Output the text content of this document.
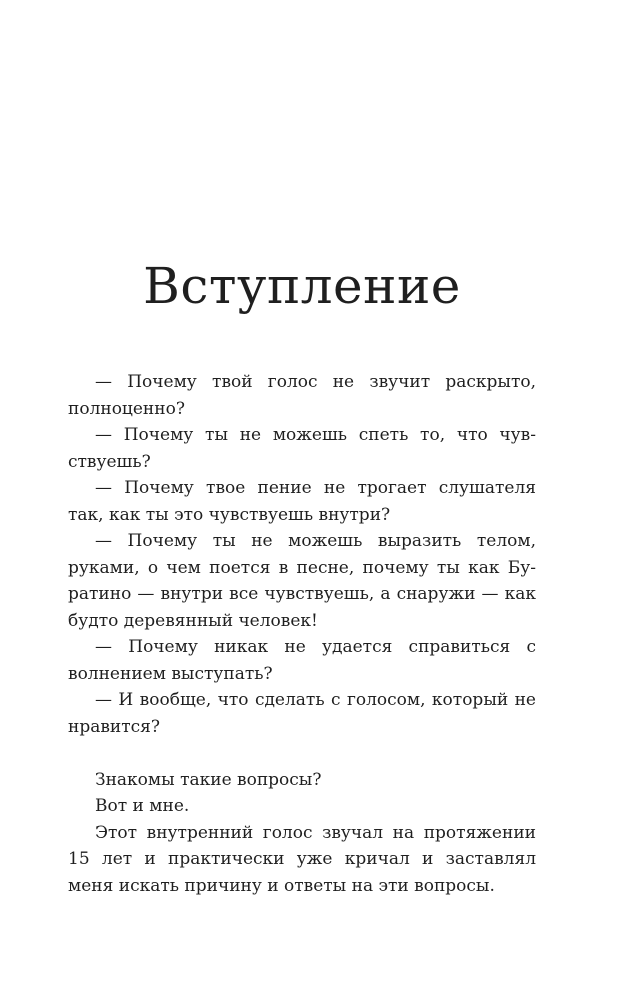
Вступление

— Почему твой голос не звучит раскрыто, полноценно?

— Почему ты не можешь спеть то, что чувствуешь?

— Почему твое пение не трогает слушателя так, как ты это чувствуешь внутри?

— Почему ты не можешь выразить телом, руками, о чем поется в песне, почему ты как Буратино — внутри все чувствуешь, а снаружи — как будто деревянный человек!

— Почему никак не удается справиться с волнением выступать?

— И вообще, что сделать с голосом, который не нравится?

Знакомы такие вопросы?

Вот и мне.

Этот внутренний голос звучал на протяжении 15 лет и практически уже кричал и заставлял меня искать причину и ответы на эти вопросы.
